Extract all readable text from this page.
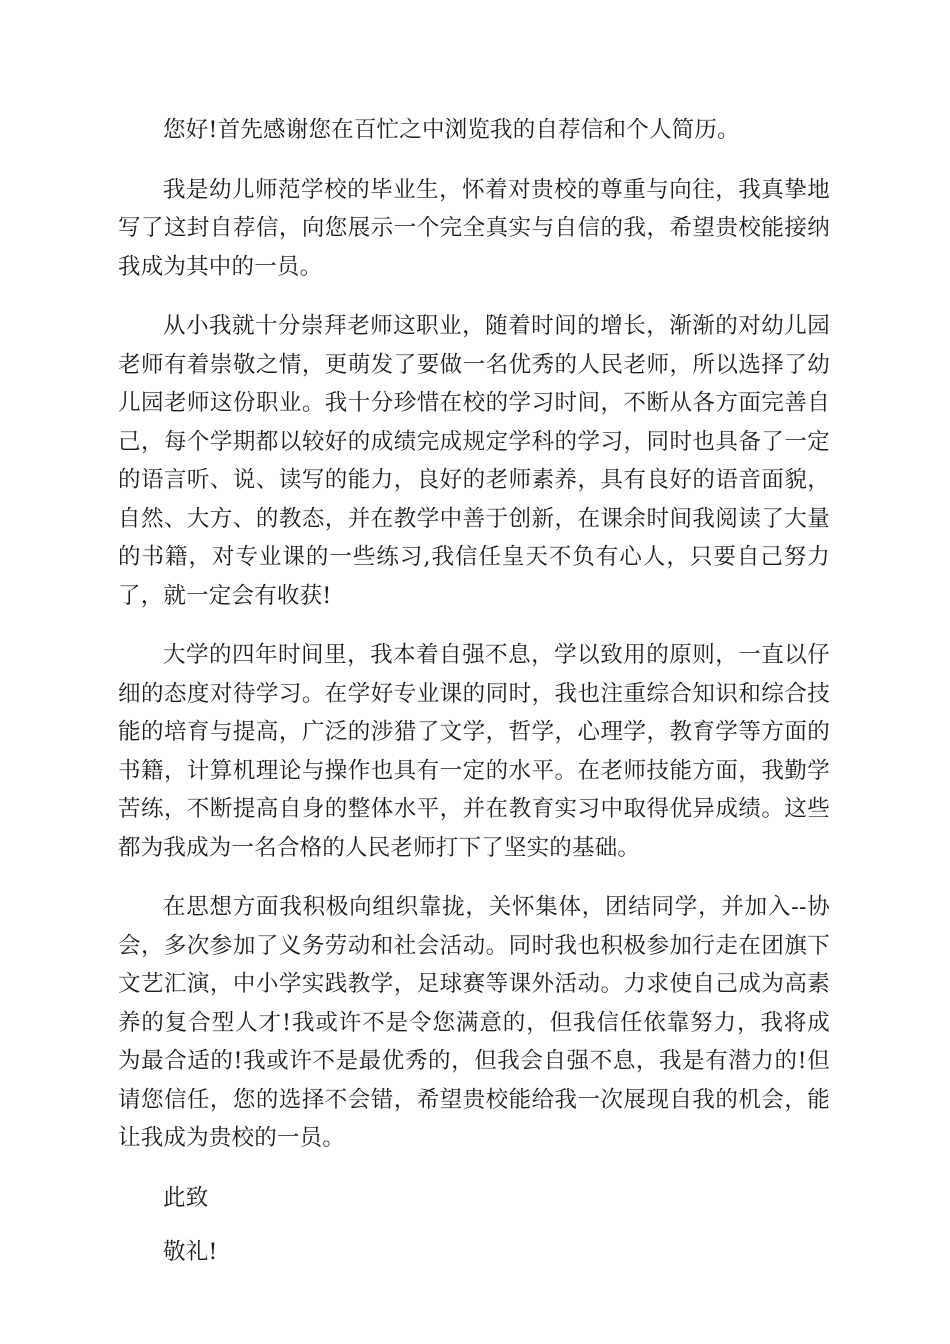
您好!首先感谢您在百忙之中浏览我的自荐信和个人简历。

我是幼儿师范学校的毕业生，怀着对贵校的尊重与向往，我真挚地写了这封自荐信，向您展示一个完全真实与自信的我，希望贵校能接纳我成为其中的一员。

从小我就十分崇拜老师这职业，随着时间的增长，渐渐的对幼儿园老师有着崇敬之情，更萌发了要做一名优秀的人民老师，所以选择了幼儿园老师这份职业。我十分珍惜在校的学习时间，不断从各方面完善自己，每个学期都以较好的成绩完成规定学科的学习，同时也具备了一定的语言听、说、读写的能力，良好的老师素养，具有良好的语音面貌，自然、大方、的教态，并在教学中善于创新，在课余时间我阅读了大量的书籍，对专业课的一些练习,我信任皇天不负有心人，只要自己努力了，就一定会有收获!

大学的四年时间里，我本着自强不息，学以致用的原则，一直以仔细的态度对待学习。在学好专业课的同时，我也注重综合知识和综合技能的培育与提高，广泛的涉猎了文学，哲学，心理学，教育学等方面的书籍，计算机理论与操作也具有一定的水平。在老师技能方面，我勤学苦练，不断提高自身的整体水平，并在教育实习中取得优异成绩。这些都为我成为一名合格的人民老师打下了坚实的基础。

在思想方面我积极向组织靠拢，关怀集体，团结同学，并加入--协会，多次参加了义务劳动和社会活动。同时我也积极参加行走在团旗下文艺汇演，中小学实践教学，足球赛等课外活动。力求使自己成为高素养的复合型人才!我或许不是令您满意的，但我信任依靠努力，我将成为最合适的!我或许不是最优秀的，但我会自强不息，我是有潜力的!但请您信任，您的选择不会错，希望贵校能给我一次展现自我的机会，能让我成为贵校的一员。

此致

敬礼!
